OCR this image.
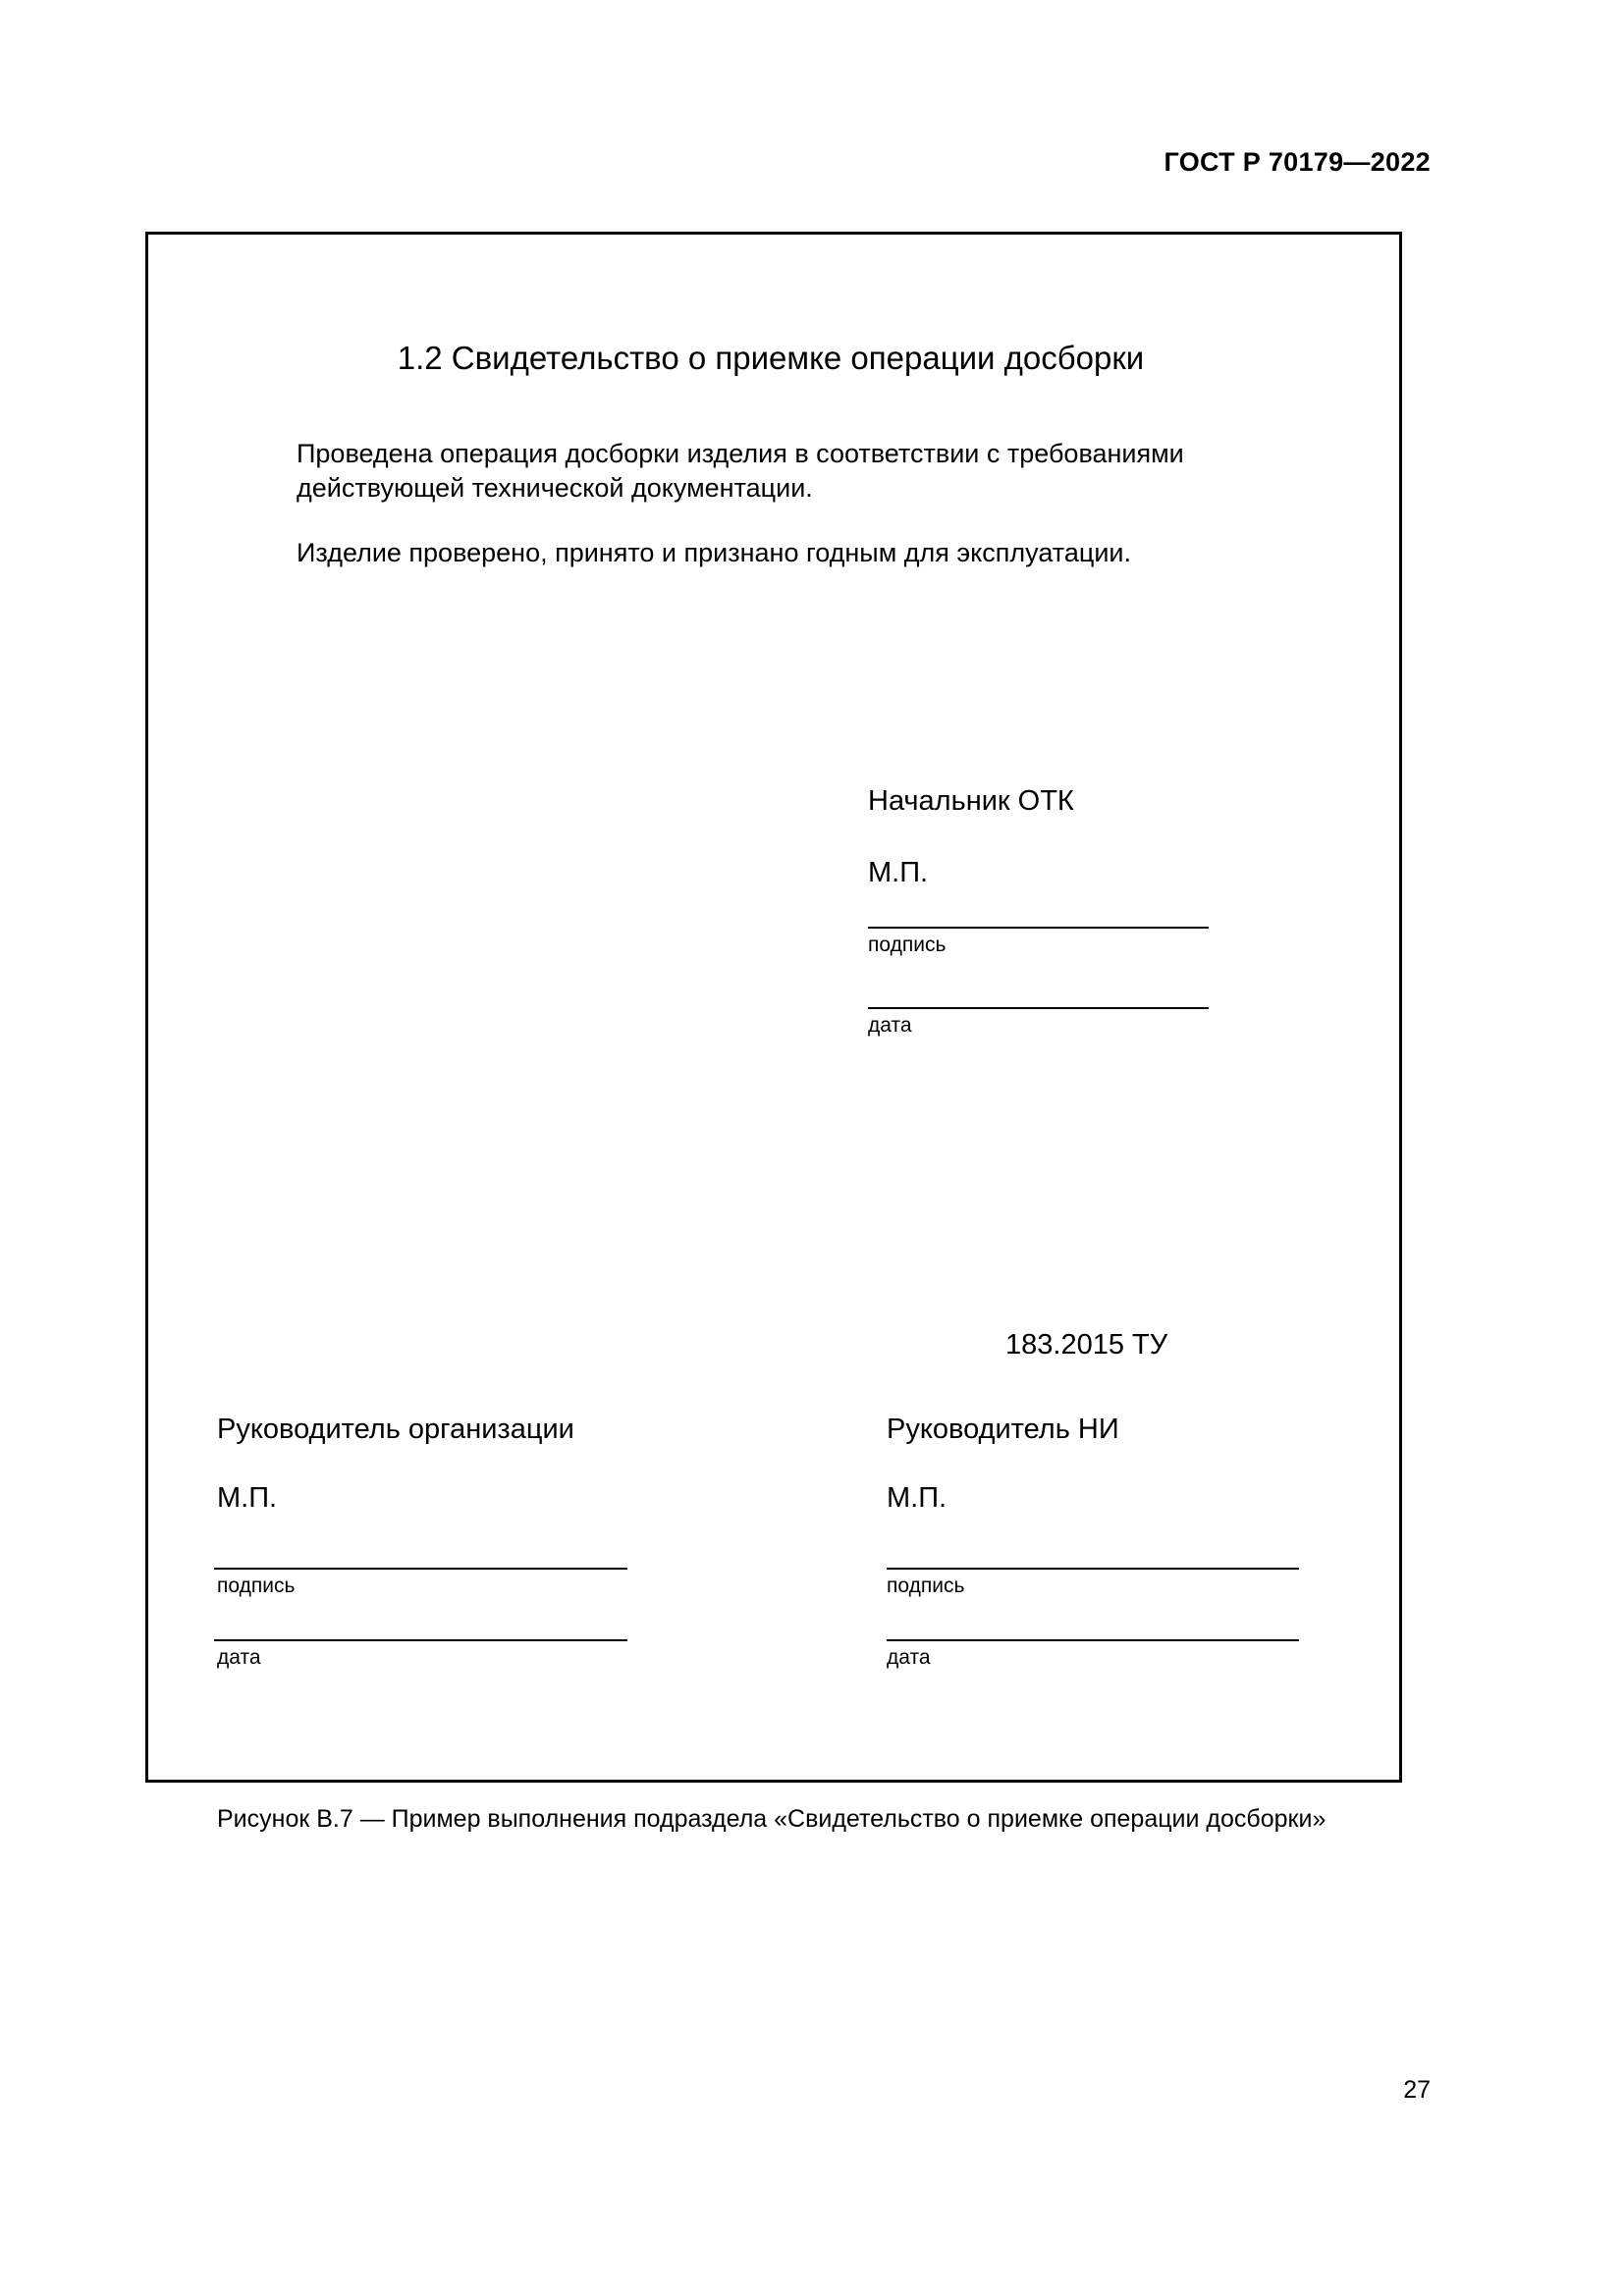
ГОСТ Р 70179—2022
1.2 Свидетельство о приемке операции досборки
Проведена операция досборки изделия в соответствии с требованиями
действующей технической документации.
Изделие проверено, принято и признано годным для эксплуатации.
Начальник ОТК
М.П.
подпись
дата
183.2015 ТУ
Руководитель организации
М.П.
подпись
дата
Руководитель НИ
М.П.
подпись
дата
Рисунок В.7 — Пример выполнения подраздела «Свидетельство о приемке операции досборки»
27
